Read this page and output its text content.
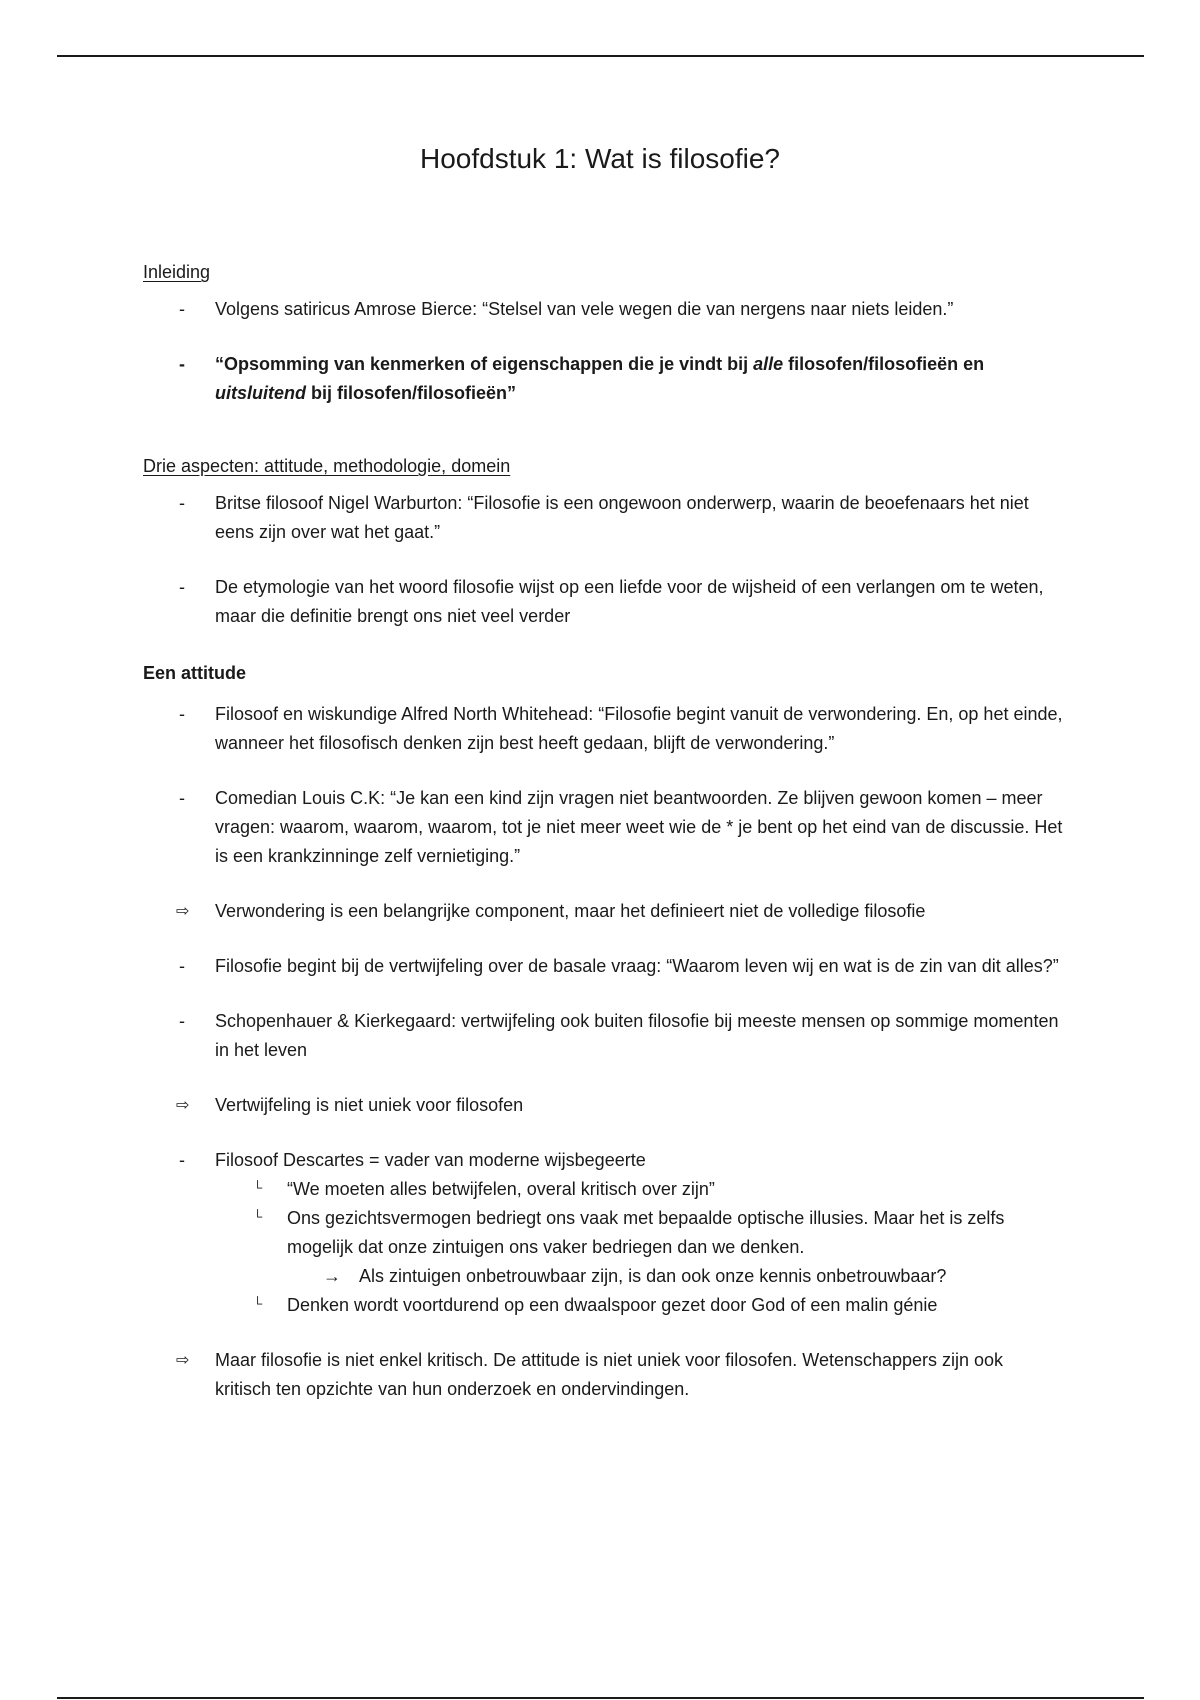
Hoofdstuk 1: Wat is filosofie?

Inleiding

-	Volgens satiricus Amrose Bierce: “Stelsel van vele wegen die van nergens naar niets leiden.”

-	“Opsomming van kenmerken of eigenschappen die je vindt bij alle filosofen/filosofieën en uitsluitend bij filosofen/filosofieën”

Drie aspecten: attitude, methodologie, domein

-	Britse filosoof Nigel Warburton: “Filosofie is een ongewoon onderwerp, waarin de beoefenaars het niet eens zijn over wat het gaat.”

-	De etymologie van het woord filosofie wijst op een liefde voor de wijsheid of een verlangen om te weten, maar die definitie brengt ons niet veel verder

Een attitude

-	Filosoof en wiskundige Alfred North Whitehead: “Filosofie begint vanuit de verwondering. En, op het einde, wanneer het filosofisch denken zijn best heeft gedaan, blijft de verwondering.”

-	Comedian Louis C.K: “Je kan een kind zijn vragen niet beantwoorden. Ze blijven gewoon komen – meer vragen: waarom, waarom, waarom, tot je niet meer weet wie de * je bent op het eind van de discussie. Het is een krankzinninge zelf vernietiging.”

⇨	Verwondering is een belangrijke component, maar het definieert niet de volledige filosofie

-	Filosofie begint bij de vertwijfeling over de basale vraag: “Waarom leven wij en wat is de zin van dit alles?”

-	Schopenhauer & Kierkegaard: vertwijfeling ook buiten filosofie bij meeste mensen op sommige momenten in het leven

⇨	Vertwijfeling is niet uniek voor filosofen

-	Filosoof Descartes = vader van moderne wijsbegeerte

└ “We moeten alles betwijfelen, overal kritisch over zijn”

└ Ons gezichtsvermogen bedriegt ons vaak met bepaalde optische illusies. Maar het is zelfs mogelijk dat onze zintuigen ons vaker bedriegen dan we denken.

→ Als zintuigen onbetrouwbaar zijn, is dan ook onze kennis onbetrouwbaar?

└ Denken wordt voortdurend op een dwaalspoor gezet door God of een malin génie

⇨	Maar filosofie is niet enkel kritisch. De attitude is niet uniek voor filosofen. Wetenschappers zijn ook kritisch ten opzichte van hun onderzoek en ondervindingen.
